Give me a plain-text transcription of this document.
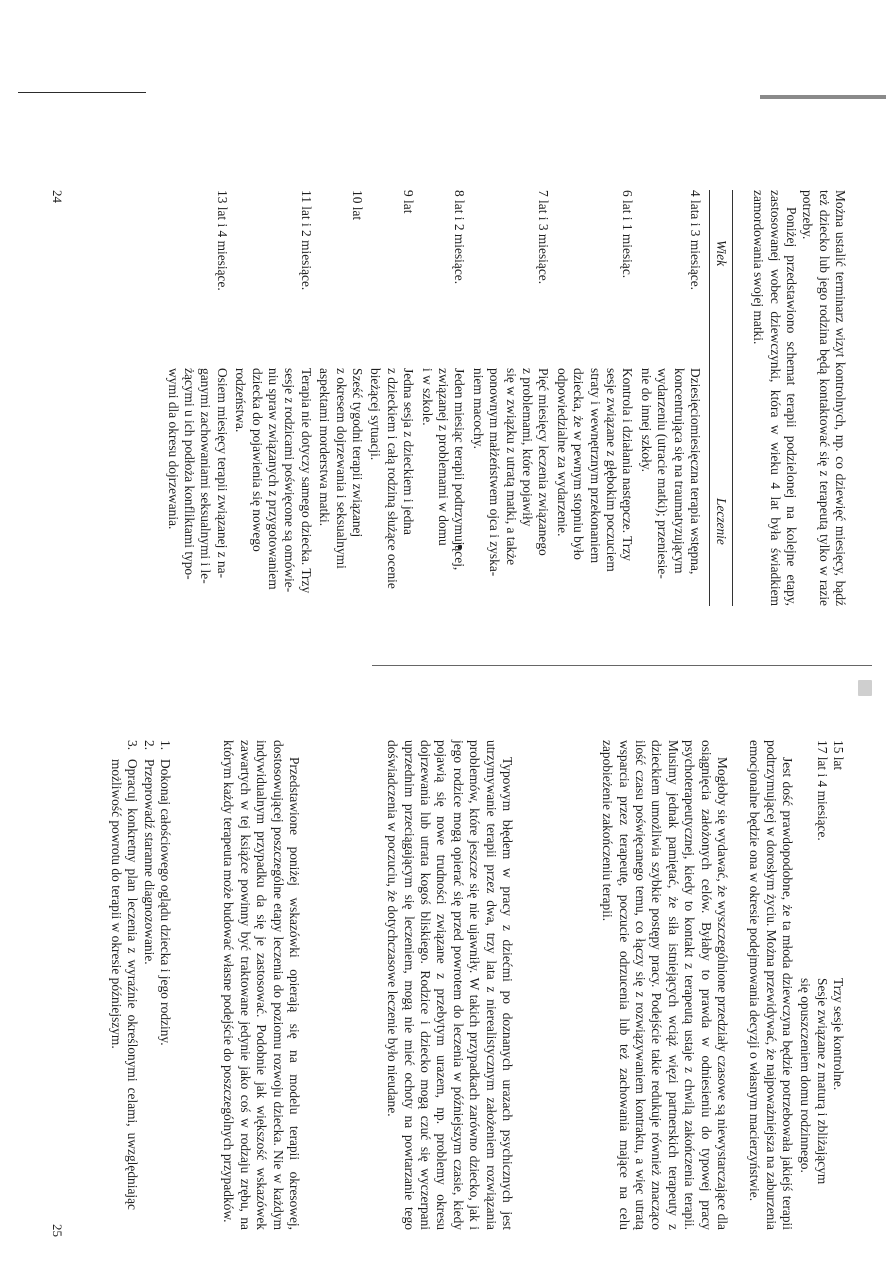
Można ustalić terminarz wizyt kontrolnych, np. co dziewięć miesięcy, bądź też dziecko lub jego rodzina będą kontaktować się z terapeutą tylko w razie potrzeby.

Poniżej przedstawiono schemat terapii podzielonej na kolejne etapy, zastosowanej wobec dziewczynki, która w wieku 4 lat była świadkiem zamordowania swojej matki.

Wiek
Leczenie
4 lata i 3 miesiące.
Dziesięciomiesięczna terapia wstępna,
koncentrująca się na traumatyzującym
wydarzeniu (utracie matki); przeniesie-
nie do innej szkoły.
6 lat i 1 miesiąc.
Kontrola i działania następcze. Trzy
sesje związane z głębokim poczuciem
straty i wewnętrznym przekonaniem
dziecka, że w pewnym stopniu było
odpowiedzialne za wydarzenie.
7 lat i 3 miesiące.
Pięć miesięcy leczenia związanego
z problemami, które pojawiły
się w związku z utratą matki, a także
ponownym małżeństwem ojca i zyska-
niem macochy.
8 lat i 2 miesiące.
Jeden miesiąc terapii podtrzymującej,
związanej z problemami w domu
i w szkole.
9 lat
Jedna sesja z dzieckiem i jedna
z dzieckiem i całą rodziną służące ocenie
bieżącej sytuacji.
10 lat
Sześć tygodni terapii związanej
z okresem dojrzewania i seksualnymi
aspektami morderstwa matki.
11 lat i 2 miesiące.
Terapia nie dotyczy samego dziecka. Trzy
sesje z rodzicami poświęcone są omówie-
niu spraw związanych z przygotowaniem
dziecka do pojawienia się nowego
rodzeństwa.
13 lat i 4 miesiące.
Osiem miesięcy terapii związanej z na-
ganymi zachowaniami seksualnymi i le-
żącymi u ich podłoża konfliktami typo-
wymi dla okresu dojrzewania.
24
15 lat
Trzy sesje kontrolne.
17 lat i 4 miesiące.
Sesje związane z maturą i zbliżającym
się opuszczeniem domu rodzinnego.

Jest dość prawdopodobne, że ta młoda dziewczyna będzie potrzebowała jakiejś terapii podtrzymującej w dorosłym życiu. Można przewidywać, że najpoważniejsza na zaburzenia emocjonalne będzie ona w okresie podejmowania decyzji o własnym macierzyństwie.

Mogłoby się wydawać, że wyszczególnione przedziały czasowe są niewystarczające dla osiągnięcia założonych celów. Byłaby to prawda w odniesieniu do typowej pracy psychoterapeutycznej, kiedy to kontakt z terapeutą ustaje z chwilą zakończenia terapii. Musimy jednak pamiętać, że siła istniejących wciąż więzi partnerskich terapeuty z dzieckiem umożliwia szybkie postępy pracy. Podejście takie redukuje również znacząco ilość czasu poświęcanego temu, co łączy się z rozwiązywaniem kontraktu, a więc utratą wsparcia przez terapeutę, poczucie odrzucenia lub też zachowania mające na celu zapobieżenie zakończeniu terapii.

Typowym błędem w pracy z dziećmi po doznanych urazach psychicznych jest utrzymywanie terapii przez dwa, trzy lata z nierealistycznym założeniem rozwiązania problemów, które jeszcze się nie ujawniły. W takich przypadkach zarówno dziecko, jak i jego rodzice mogą opierać się przed powrotem do leczenia w późniejszym czasie, kiedy pojawią się nowe trudności związane z przebytym urazem, np. problemy okresu dojrzewania lub utrata kogoś bliskiego. Rodzice i dziecko mogą czuć się wyczerpani uprzednim przeciągającym się leczeniem, mogą nie mieć ochoty na powtarzanie tego doświadczenia w poczuciu, że dotychczasowe leczenie było nieudane.

Przedstawione poniżej wskazówki opierają się na modelu terapii okresowej, dostosowującej poszczególne etapy leczenia do poziomu rozwoju dziecka. Nie w każdym indywidualnym przypadku da się je zastosować. Podobnie jak większość wskazówek zawartych w tej książce powinny być traktowane jedynie jako coś w rodzaju zrębu, na którym każdy terapeuta może budować własne podejście do poszczególnych przypadków.

1.
Dokonaj całościowego oglądu dziecka i jego rodziny.
2.
Przeprowadź staranne diagnozowanie.
3.
Opracuj konkretny plan leczenia z wyraźnie określonymi celami, uwzględniając możliwość powrotu do terapii w okresie późniejszym.
25
